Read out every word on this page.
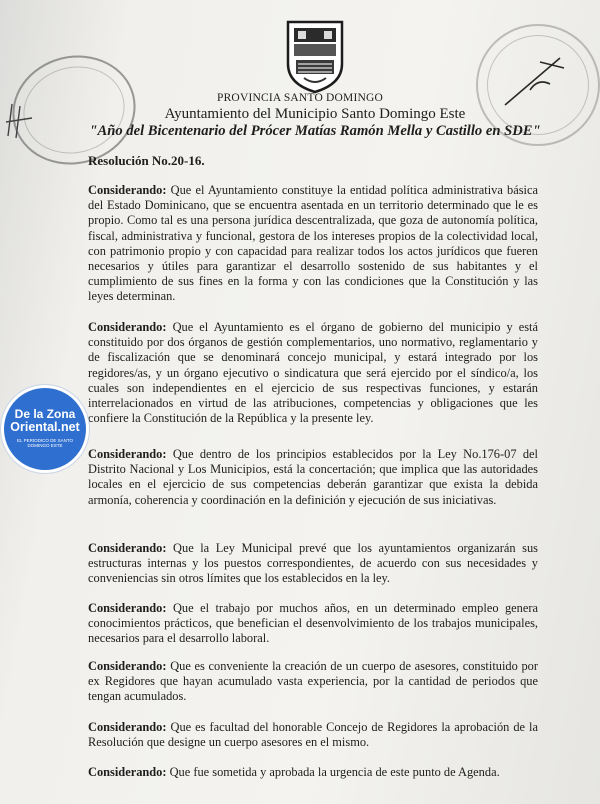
PROVINCIA SANTO DOMINGO
Ayuntamiento del Municipio Santo Domingo Este
"Año del Bicentenario del Prócer Matías Ramón Mella y Castillo en SDE"
Resolución No.20-16.

Considerando: Que el Ayuntamiento constituye la entidad política administrativa básica del Estado Dominicano, que se encuentra asentada en un territorio determinado que le es propio. Como tal es una persona jurídica descentralizada, que goza de autonomía política, fiscal, administrativa y funcional, gestora de los intereses propios de la colectividad local, con patrimonio propio y con capacidad para realizar todos los actos jurídicos que fueren necesarios y útiles para garantizar el desarrollo sostenido de sus habitantes y el cumplimiento de sus fines en la forma y con las condiciones que la Constitución y las leyes determinan.

Considerando: Que el Ayuntamiento es el órgano de gobierno del municipio y está constituido por dos órganos de gestión complementarios, uno normativo, reglamentario y de fiscalización que se denominará concejo municipal, y estará integrado por los regidores/as, y un órgano ejecutivo o sindicatura que será ejercido por el síndico/a, los cuales son independientes en el ejercicio de sus respectivas funciones, y estarán interrelacionados en virtud de las atribuciones, competencias y obligaciones que les confiere la Constitución de la República y la presente ley.

Considerando: Que dentro de los principios establecidos por la Ley No.176-07 del Distrito Nacional y Los Municipios, está la concertación; que implica que las autoridades locales en el ejercicio de sus competencias deberán garantizar que exista la debida armonía, coherencia y coordinación en la definición y ejecución de sus iniciativas.

Considerando: Que la Ley Municipal prevé que los ayuntamientos organizarán sus estructuras internas y los puestos correspondientes, de acuerdo con sus necesidades y conveniencias sin otros límites que los establecidos en la ley.

Considerando: Que el trabajo por muchos años, en un determinado empleo genera conocimientos prácticos, que benefician el desenvolvimiento de los trabajos municipales, necesarios para el desarrollo laboral.

Considerando: Que es conveniente la creación de un cuerpo de asesores, constituido por ex Regidores que hayan acumulado vasta experiencia, por la cantidad de periodos que tengan acumulados.

Considerando: Que es facultad del honorable Concejo de Regidores la aprobación de la Resolución que designe un cuerpo asesores en el mismo.

Considerando: Que fue sometida y aprobada la urgencia de este punto de Agenda.

De la Zona
Oriental.net
EL PERIODICO DE SANTO DOMINGO ESTE
